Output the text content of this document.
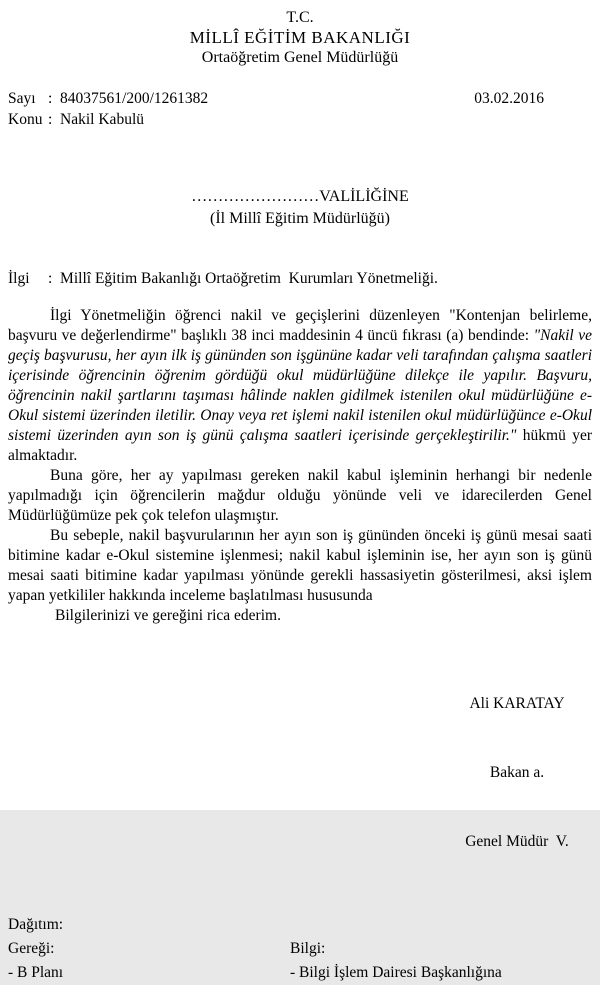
T.C.
MİLLÎ EĞİTİM BAKANLIĞI
Ortaöğretim Genel Müdürlüğü
Sayı :  84037561/200/1261382	03.02.2016
Konu :  Nakil Kabulü
……………………VALİLİĞİNE
(İl Millî Eğitim Müdürlüğü)
İlgi	:  Millî Eğitim Bakanlığı Ortaöğretim  Kurumları Yönetmeliği.

İlgi Yönetmeliğin öğrenci nakil ve geçişlerini düzenleyen "Kontenjan belirleme, başvuru ve değerlendirme" başlıklı 38 inci maddesinin 4 üncü fıkrası (a) bendinde: "Nakil ve geçiş başvurusu, her ayın ilk iş gününden son işgününe kadar veli tarafından çalışma saatleri içerisinde öğrencinin öğrenim gördüğü okul müdürlüğüne dilekçe ile yapılır. Başvuru, öğrencinin nakil şartlarını taşıması hâlinde naklen gidilmek istenilen okul müdürlüğüne e-Okul sistemi üzerinden iletilir. Onay veya ret işlemi nakil istenilen okul müdürlüğünce e-Okul sistemi üzerinden ayın son iş günü çalışma saatleri içerisinde gerçekleştirilir." hükmü yer almaktadır.

Buna göre, her ay yapılması gereken nakil kabul işleminin herhangi bir nedenle yapılmadığı için öğrencilerin mağdur olduğu yönünde veli ve idarecilerden Genel Müdürlüğümüze pek çok telefon ulaşmıştır.

Bu sebeple, nakil başvurularının her ayın son iş gününden önceki iş günü mesai saati bitimine kadar e-Okul sistemine işlenmesi; nakil kabul işleminin ise, her ayın son iş günü mesai saati bitimine kadar yapılması yönünde gerekli hassasiyetin gösterilmesi, aksi işlem yapan yetkililer hakkında inceleme başlatılması hususunda

Bilgilerinizi ve gereğini rica ederim.

Ali KARATAY

Bakan a.

Genel Müdür  V.

Dağıtım:
Gereği:	Bilgi:
- B Planı	- Bilgi İşlem Dairesi Başkanlığına
